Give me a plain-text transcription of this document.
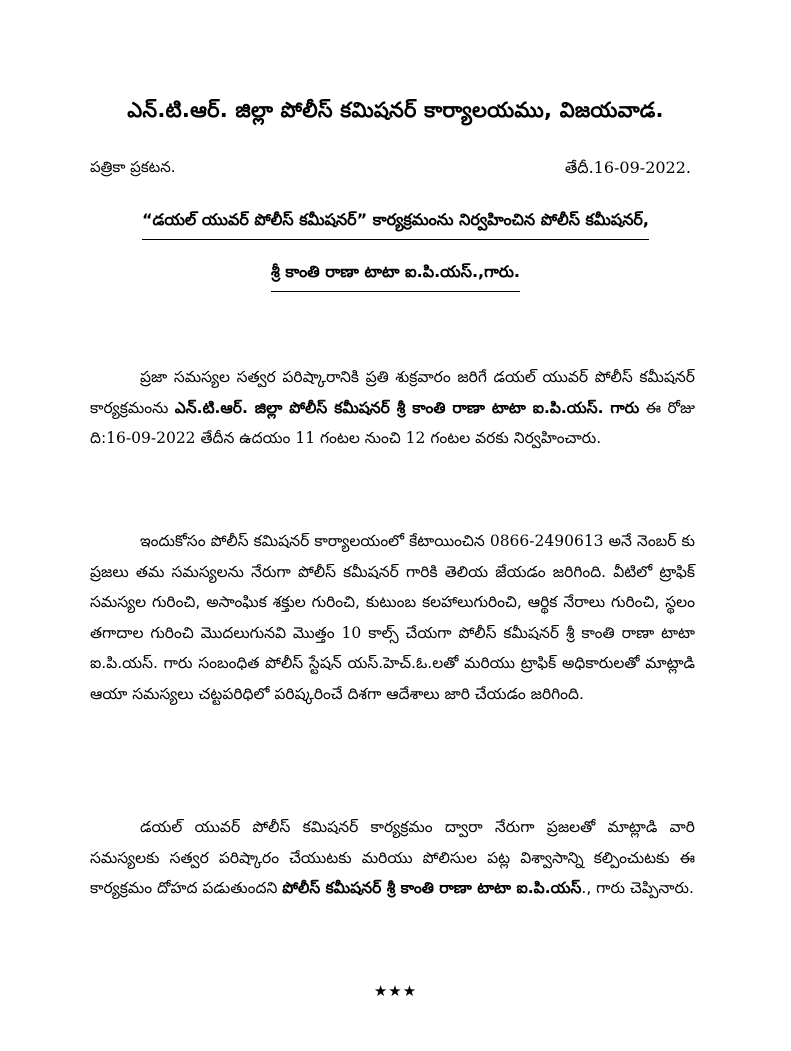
ఎన్.టి.ఆర్. జిల్లా పోలీస్ కమిషనర్ కార్యాలయము, విజయవాడ.
పత్రికా ప్రకటన.	తేదీ.16-09-2022.
“డయల్ యువర్ పోలీస్ కమీషనర్” కార్యక్రమంను నిర్వహించిన పోలీస్ కమీషనర్,
శ్రీ కాంతి రాణా టాటా ఐ.పి.యస్.,గారు.

ప్రజా సమస్యల సత్వర పరిష్కారానికి ప్రతి శుక్రవారం జరిగే డయల్ యువర్ పోలీస్ కమీషనర్ కార్యక్రమంను ఎన్.టి.ఆర్. జిల్లా పోలీస్ కమీషనర్ శ్రీ కాంతి రాణా టాటా ఐ.పి.యస్. గారు ఈ రోజు ది:16-09-2022 తేదీన ఉదయం 11 గంటల నుంచి 12 గంటల వరకు నిర్వహించారు.

ఇందుకోసం పోలీస్ కమిషనర్ కార్యాలయంలో కేటాయించిన 0866-2490613 అనే నెంబర్ కు ప్రజలు తమ సమస్యలను నేరుగా పోలీస్ కమీషనర్ గారికి తెలియ జేయడం జరిగింది. వీటిలో ట్రాఫిక్ సమస్యల గురించి, అసాంఘిక శక్తుల గురించి, కుటుంబ కలహాలుగురించి, ఆర్థిక నేరాలు గురించి, స్థలం తగాదాల గురించి మొదలుగునవి మొత్తం 10 కాల్స్ చేయగా పోలీస్ కమీషనర్ శ్రీ కాంతి రాణా టాటా ఐ.పి.యస్. గారు సంబంధిత పోలీస్ స్టేషన్ యస్.హెచ్.ఓ.లతో మరియు ట్రాఫిక్ అధికారులతో మాట్లాడి ఆయా సమస్యలు చట్టపరిధిలో పరిష్కరించే దిశగా ఆదేశాలు జారి చేయడం జరిగింది.

డయల్ యువర్ పోలీస్ కమిషనర్ కార్యక్రమం ద్వారా నేరుగా ప్రజలతో మాట్లాడి వారి సమస్యలకు సత్వర పరిష్కారం చేయుటకు మరియు పోలిసుల పట్ల విశ్వాసాన్ని కల్పించుటకు ఈ కార్యక్రమం దోహద పడుతుందని పోలీస్ కమీషనర్ శ్రీ కాంతి రాణా టాటా ఐ.పి.యస్., గారు చెప్పినారు.

★★★
